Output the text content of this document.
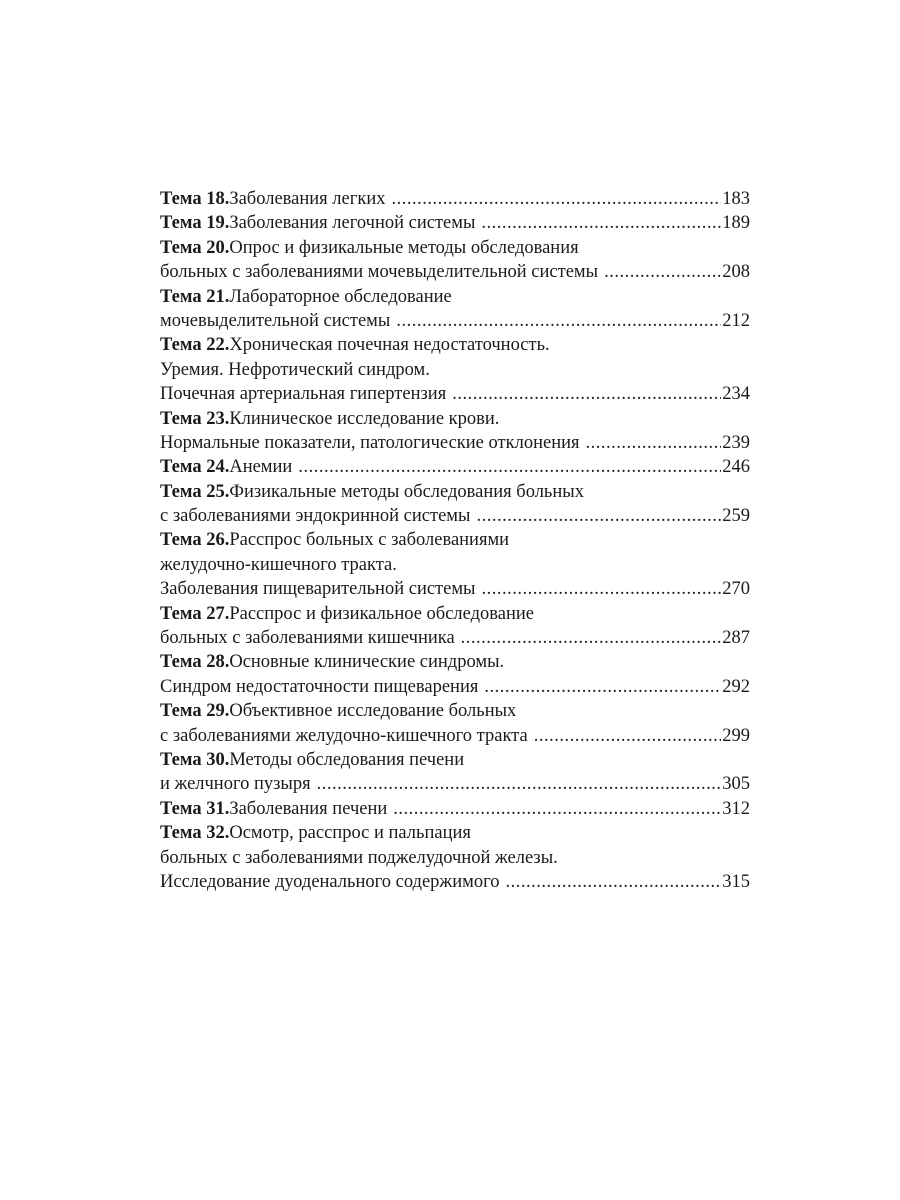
Тема 18. Заболевания легких .....	183
Тема 19. Заболевания легочной системы .....	189
Тема 20. Опрос и физикальные методы обследования
больных с заболеваниями мочевыделительной системы .....	208
Тема 21. Лабораторное обследование
мочевыделительной системы .....	212
Тема 22. Хроническая почечная недостаточность.
Уремия. Нефротический синдром.
Почечная артериальная гипертензия .....	234
Тема 23. Клиническое исследование крови.
Нормальные показатели, патологические отклонения .....	239
Тема 24. Анемии .....	246
Тема 25. Физикальные методы обследования больных
с заболеваниями эндокринной системы .....	259
Тема 26. Расспрос больных с заболеваниями
желудочно-кишечного тракта.
Заболевания пищеварительной системы .....	270
Тема 27. Расспрос и физикальное обследование
больных с заболеваниями кишечника .....	287
Тема 28. Основные клинические синдромы.
Синдром недостаточности пищеварения .....	292
Тема 29. Объективное исследование больных
с заболеваниями желудочно-кишечного тракта .....	299
Тема 30. Методы обследования печени
и желчного пузыря .....	305
Тема 31. Заболевания печени .....	312
Тема 32. Осмотр, расспрос и пальпация
больных с заболеваниями поджелудочной железы.
Исследование дуоденального содержимого .....	315
